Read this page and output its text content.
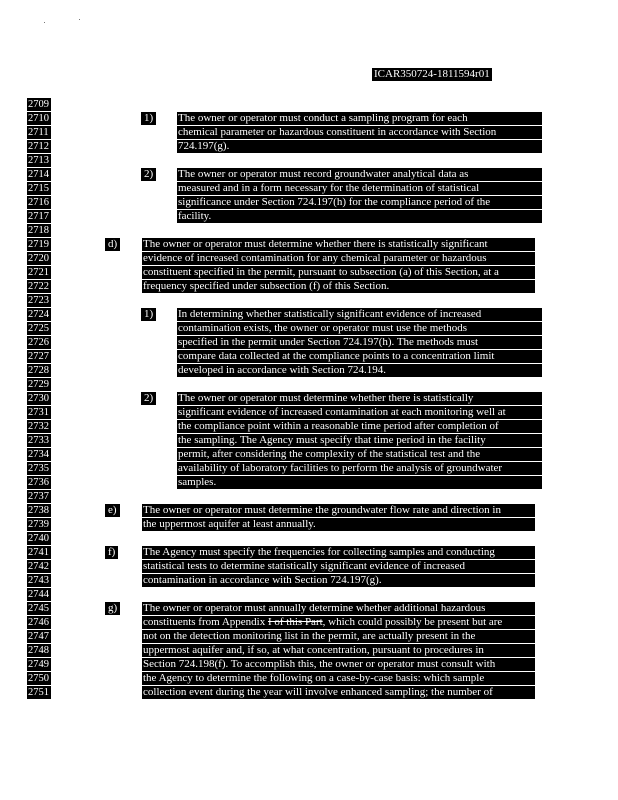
ICAR350724-1811594r01
2709
2710	1) The owner or operator must conduct a sampling program for each
2711	chemical parameter or hazardous constituent in accordance with Section
2712	724.197(g).
2713
2714	2) The owner or operator must record groundwater analytical data as
2715	measured and in a form necessary for the determination of statistical
2716	significance under Section 724.197(h) for the compliance period of the
2717	facility.
2718
2719	d) The owner or operator must determine whether there is statistically significant
2720	evidence of increased contamination for any chemical parameter or hazardous
2721	constituent specified in the permit, pursuant to subsection (a) of this Section, at a
2722	frequency specified under subsection (f) of this Section.
2723
2724	1) In determining whether statistically significant evidence of increased
2725	contamination exists, the owner or operator must use the methods
2726	specified in the permit under Section 724.197(h). The methods must
2727	compare data collected at the compliance points to a concentration limit
2728	developed in accordance with Section 724.194.
2729
2730	2) The owner or operator must determine whether there is statistically
2731	significant evidence of increased contamination at each monitoring well at
2732	the compliance point within a reasonable time period after completion of
2733	the sampling. The Agency must specify that time period in the facility
2734	permit, after considering the complexity of the statistical test and the
2735	availability of laboratory facilities to perform the analysis of groundwater
2736	samples.
2737
2738	e) The owner or operator must determine the groundwater flow rate and direction in
2739	the uppermost aquifer at least annually.
2740
2741	f)	The Agency must specify the frequencies for collecting samples and conducting
2742	statistical tests to determine statistically significant evidence of increased
2743	contamination in accordance with Section 724.197(g).
2744
2745	g) The owner or operator must annually determine whether additional hazardous
2746	constituents from Appendix I of this Part, which could possibly be present but are
2747	not on the detection monitoring list in the permit, are actually present in the
2748	uppermost aquifer and, if so, at what concentration, pursuant to procedures in
2749	Section 724.198(f). To accomplish this, the owner or operator must consult with
2750	the Agency to determine the following on a case-by-case basis: which sample
2751	collection event during the year will involve enhanced sampling; the number of
